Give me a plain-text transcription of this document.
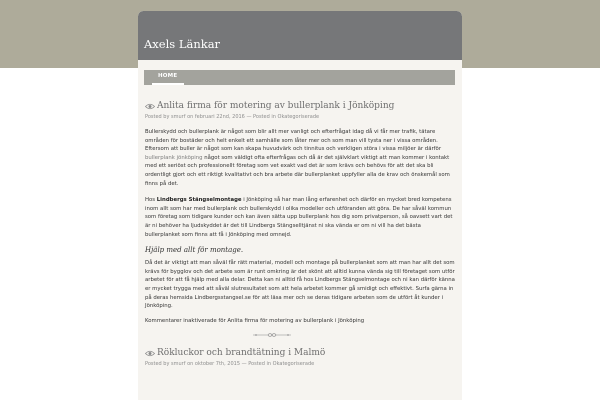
Axels Länkar
HOME
Anlita firma för motering av bullerplank i Jönköping

Posted by smurf on februari 22nd, 2016 — Posted in Okategoriserade

Bullerskydd och bullerplank är något som blir allt mer vanligt och efterfrågat idag då vi får mer trafik, tätare områden för bostäder och helt enkelt ett samhälle som låter mer och som man vill tysta ner i vissa områden. Eftersom att buller är något som kan skapa huvudvärk och tinnitus och verkligen störa i vissa miljöer är därför bullerplank jönköping något som väldigt ofta efterfrågas och då är det självklart viktigt att man kommer i kontakt med ett seriöst och professionellt företag som vet exakt vad det är som krävs och behövs för att det ska bli ordentligt gjort och ett riktigt kvalitativt och bra arbete där bullerplanket uppfyller alla de krav och önskemål som finns på det.

Hos Lindbergs Stängselmontage i Jönköping så har man lång erfarenhet och därför en mycket bred kompetens inom allt som har med bullerplank och bullerskydd i olika modeller och utföranden att göra. De har såväl kommun som företag som tidigare kunder och kan även sätta upp bullerplank hos dig som privatperson, så oavsett vart det är ni behöver ha ljudskyddet är det till Lindbergs Stängselltjänst ni ska vända er om ni vill ha det bästa bullerplanket som finns att få i Jönköping med omnejd.

Hjälp med allt för montage.

Då det är viktigt att man såväl får rätt material, modell och montage på bullerplanket som att man har allt det som krävs för bygglov och det arbete som är runt omkring är det skönt att alltid kunna vända sig till företaget som utför arbetet för att få hjälp med alla delar. Detta kan ni alltid få hos Lindbergs Stängselmontage och ni kan därför känna er mycket trygga med att såväl slutresultatet som att hela arbetet kommer gå smidigt och effektivt. Surfa gärna in på deras hemsida Lindbergsstangsel.se för att läsa mer och se deras tidigare arbeten som de utfört åt kunder i Jönköping.

Kommentarer inaktiverade för Anlita firma för motering av bullerplank i Jönköping

Rökluckor och brandtätning i Malmö

Posted by smurf on oktober 7th, 2015 — Posted in Okategoriserade
